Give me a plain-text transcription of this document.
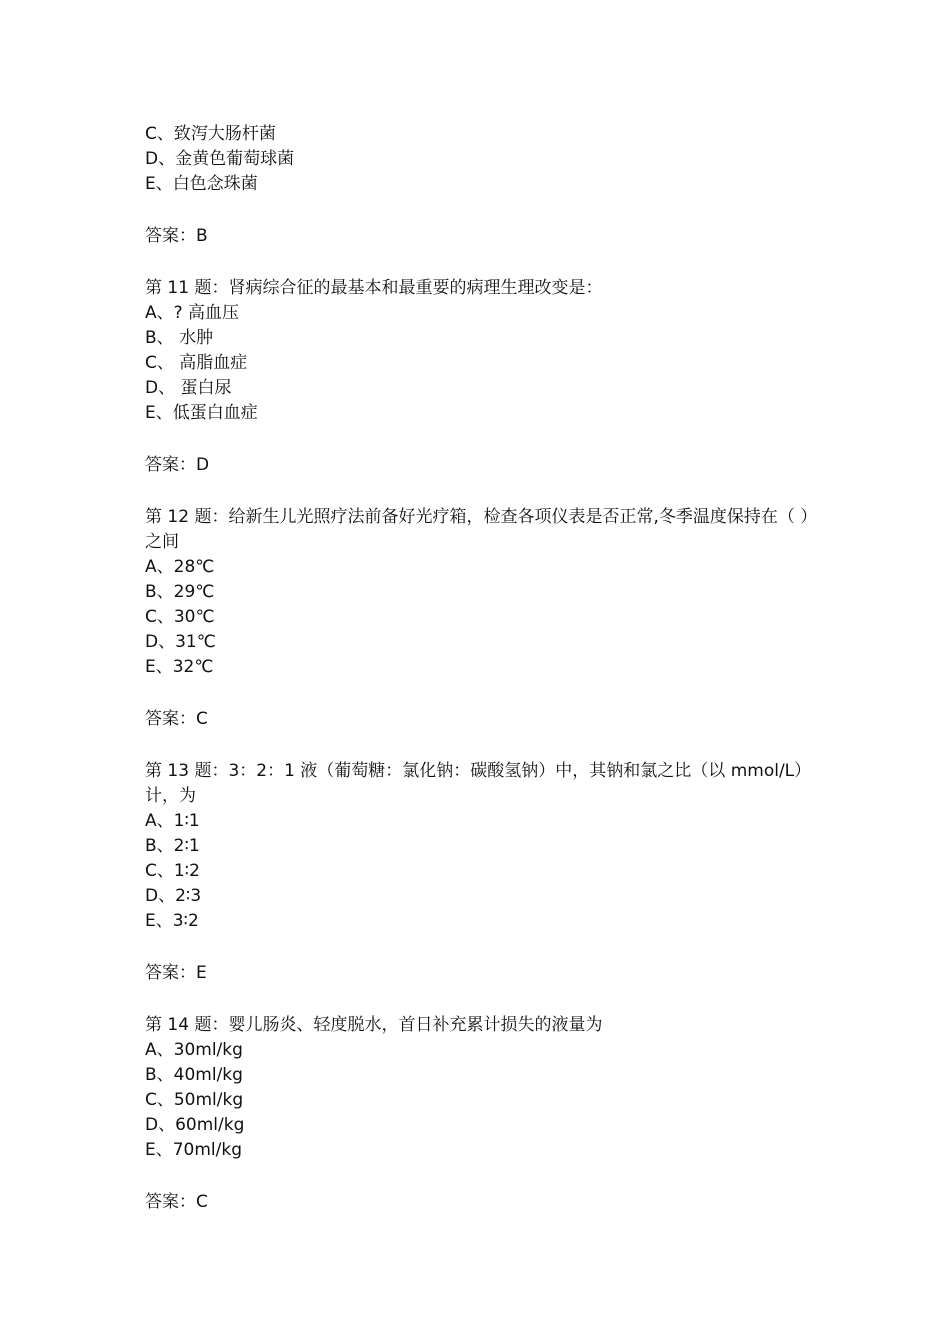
C、致泻大肠杆菌

D、金黄色葡萄球菌

E、白色念珠菌

答案：B

第 11 题：肾病综合征的最基本和最重要的病理生理改变是：

A、? 高血压

B、 水肿

C、 高脂血症

D、 蛋白尿

E、低蛋白血症

答案：D

第 12 题：给新生儿光照疗法前备好光疗箱，检查各项仪表是否正常,冬季温度保持在（ ）之间

A、28℃

B、29℃

C、30℃

D、31℃

E、32℃

答案：C

第 13 题：3：2：1 液（葡萄糖：氯化钠：碳酸氢钠）中，其钠和氯之比（以 mmol/L）计，为

A、1∶1

B、2∶1

C、1∶2

D、2∶3

E、3∶2

答案：E

第 14 题：婴儿肠炎、轻度脱水，首日补充累计损失的液量为

A、30ml/kg

B、40ml/kg

C、50ml/kg

D、60ml/kg

E、70ml/kg

答案：C
